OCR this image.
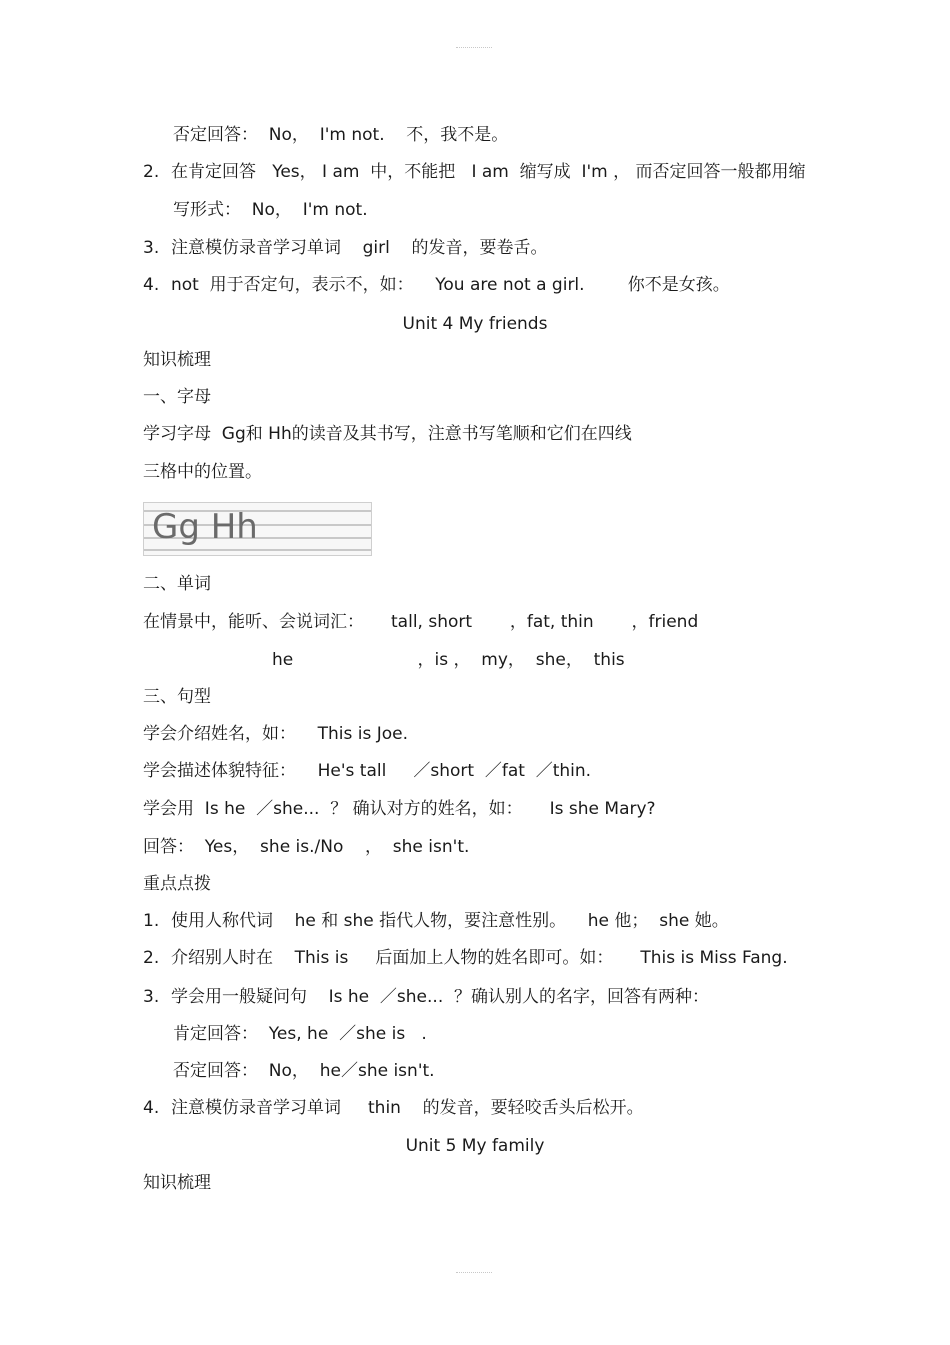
否定回答：  No，  I'm not.    不，我不是。
2. 在肯定回答   Yes， I am  中，不能把   I am  缩写成  I'm ， 而否定回答一般都用缩
写形式：  No，  I'm not.
3. 注意模仿录音学习单词    girl    的发音，要卷舌。
4. not  用于否定句，表示不，如：    You are not a girl.        你不是女孩。
Unit 4 My friends
知识梳理
一、字母
学习字母  Gg和 Hh的读音及其书写，注意书写笔顺和它们在四线
三格中的位置。
Gg Hh
二、单词
在情景中，能听、会说词汇：     tall, short       ，fat, thin       ，friend
he                       ，is ，  my，  she，  this
三、句型
学会介绍姓名，如：    This is Joe.
学会描述体貌特征：    He's tall     ／short  ／fat  ／thin.
学会用  Is he  ／she...  ？ 确认对方的姓名，如：     Is she Mary?
回答：  Yes，  she is./No    ，  she isn't.
重点点拨
1. 使用人称代词    he 和 she 指代人物，要注意性别。    he 他；  she 她。
2. 介绍别人时在    This is     后面加上人物的姓名即可。如：     This is Miss Fang.
3. 学会用一般疑问句    Is he  ／she...  ？确认别人的名字，回答有两种：
肯定回答：  Yes, he  ／she is   .
否定回答：  No，  he／she isn't.
4. 注意模仿录音学习单词     thin    的发音，要轻咬舌头后松开。
Unit 5 My family
知识梳理
